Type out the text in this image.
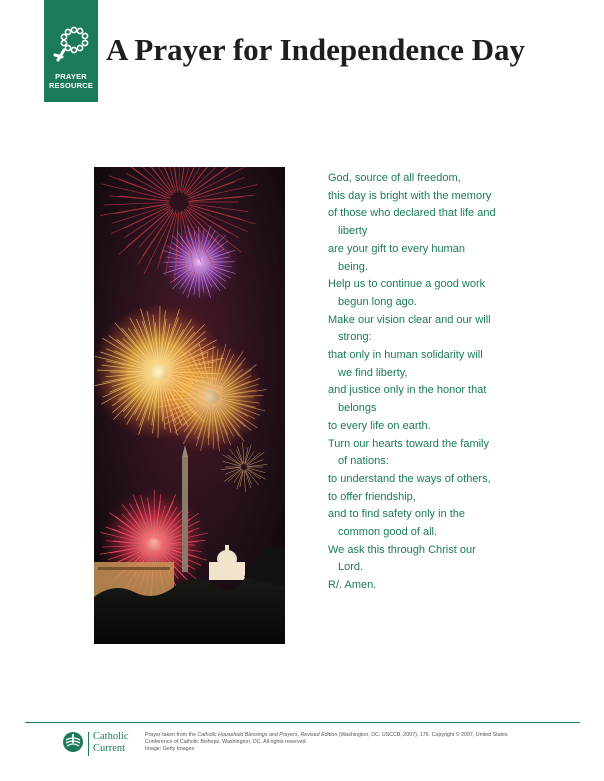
PRAYER
RESOURCE
A Prayer for Independence Day
God, source of all freedom,
this day is bright with the memory
of those who declared that life and
liberty
are your gift to every human
being.
Help us to continue a good work
begun long ago.
Make our vision clear and our will
strong:
that only in human solidarity will
we find liberty,
and justice only in the honor that
belongs
to every life on earth.
Turn our hearts toward the family
of nations:
to understand the ways of others,
to offer friendship,
and to find safety only in the
common good of all.
We ask this through Christ our
Lord.
R/. Amen.
Catholic
Current
Prayer taken from the Catholic Household Blessings and Prayers, Revised Edition (Washington, DC: USCCB, 2007), 176. Copyright © 2007, United States
Conference of Catholic Bishops, Washington, DC. All rights reserved.
Image: Getty Images
